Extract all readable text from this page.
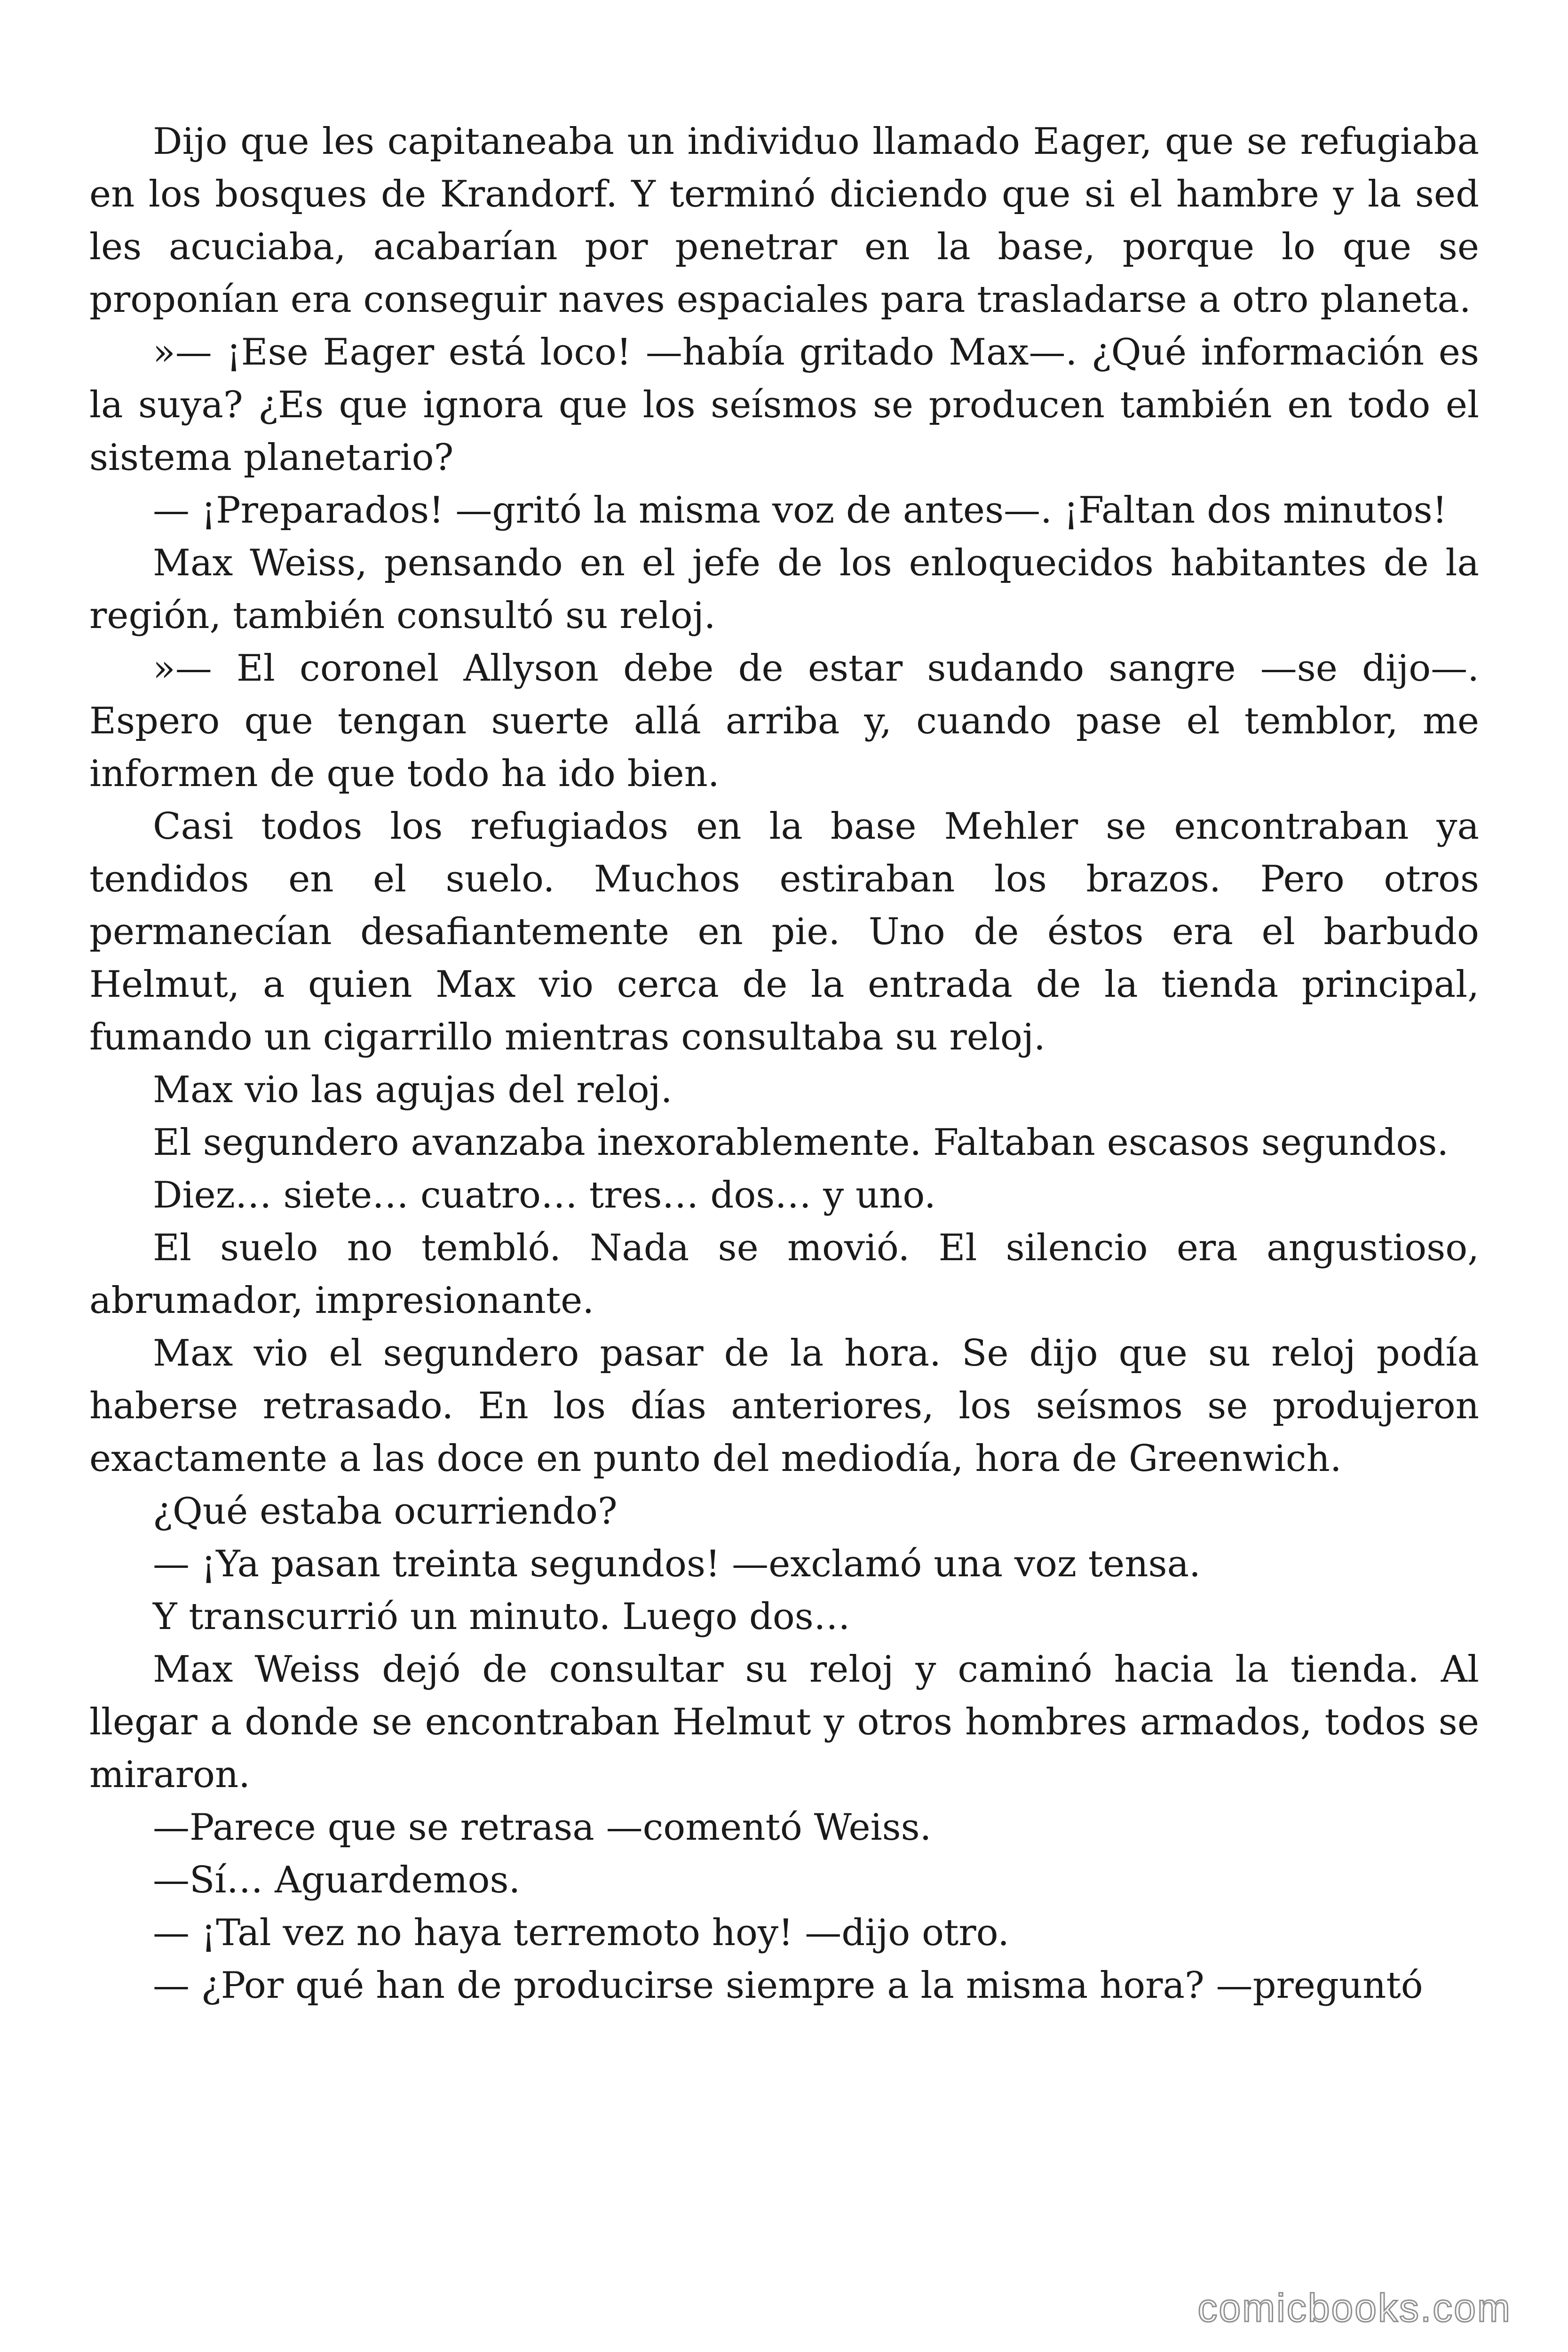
Dijo que les capitaneaba un individuo llamado Eager, que se refugiaba en los bosques de Krandorf. Y terminó diciendo que si el hambre y la sed les acuciaba, acabarían por penetrar en la base, porque lo que se proponían era conseguir naves espaciales para trasladarse a otro planeta.

»— ¡Ese Eager está loco! —había gritado Max—. ¿Qué información es la suya? ¿Es que ignora que los seísmos se producen también en todo el sistema planetario?

— ¡Preparados! —gritó la misma voz de antes—. ¡Faltan dos minutos!

Max Weiss, pensando en el jefe de los enloquecidos habitantes de la región, también consultó su reloj.

»— El coronel Allyson debe de estar sudando sangre —se dijo—. Espero que tengan suerte allá arriba y, cuando pase el temblor, me informen de que todo ha ido bien.

Casi todos los refugiados en la base Mehler se encontraban ya tendidos en el suelo. Muchos estiraban los brazos. Pero otros permanecían desafiantemente en pie. Uno de éstos era el barbudo Helmut, a quien Max vio cerca de la entrada de la tienda principal, fumando un cigarrillo mientras consultaba su reloj.

Max vio las agujas del reloj.

El segundero avanzaba inexorablemente. Faltaban escasos segundos.

Diez… siete… cuatro… tres… dos… y uno.

El suelo no tembló. Nada se movió. El silencio era angustioso, abrumador, impresionante.

Max vio el segundero pasar de la hora. Se dijo que su reloj podía haberse retrasado. En los días anteriores, los seísmos se produjeron exactamente a las doce en punto del mediodía, hora de Greenwich.

¿Qué estaba ocurriendo?

— ¡Ya pasan treinta segundos! —exclamó una voz tensa.

Y transcurrió un minuto. Luego dos…

Max Weiss dejó de consultar su reloj y caminó hacia la tienda. Al llegar a donde se encontraban Helmut y otros hombres armados, todos se miraron.

—Parece que se retrasa —comentó Weiss.

—Sí… Aguardemos.

— ¡Tal vez no haya terremoto hoy! —dijo otro.

— ¿Por qué han de producirse siempre a la misma hora? —preguntó

comicbooks.com
